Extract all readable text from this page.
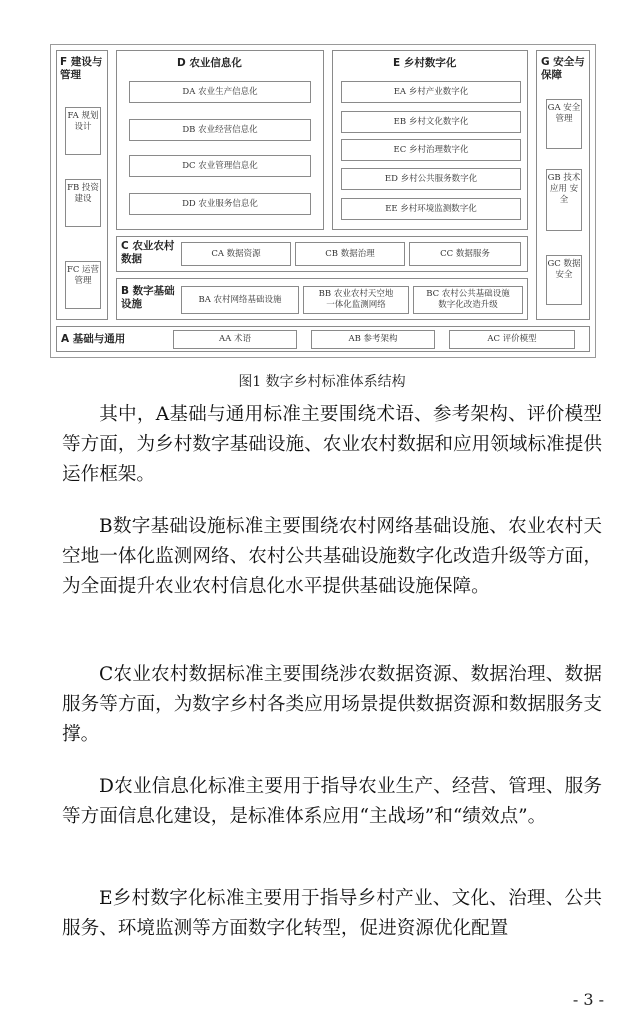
F 建设与管理
FA 规划 设计
FB 投资 建设
FC 运营 管理
D 农业信息化
DA 农业生产信息化
DB 农业经营信息化
DC 农业管理信息化
DD 农业服务信息化
E 乡村数字化
EA 乡村产业数字化
EB 乡村文化数字化
EC 乡村治理数字化
ED 乡村公共服务数字化
EE 乡村环境监测数字化
G 安全与保障
GA 安全 管理
GB 技术 应用 安全
GC 数据 安全
C 农业农村数据	CA 数据资源	CB 数据治理	CC 数据服务
B 数字基础设施	BA 农村网络基础设施
BB 农业农村天空地
一体化监测网络
BC 农村公共基础设施
数字化改造升级
A 基础与通用	AA 术语	AB 参考架构	AC 评价模型
图1 数字乡村标准体系结构
其中，A基础与通用标准主要围绕术语、参考架构、评价模型等方面，为乡村数字基础设施、农业农村数据和应用领域标准提供运作框架。
B数字基础设施标准主要围绕农村网络基础设施、农业农村天空地一体化监测网络、农村公共基础设施数字化改造升级等方面，为全面提升农业农村信息化水平提供基础设施保障。
C农业农村数据标准主要围绕涉农数据资源、数据治理、数据服务等方面，为数字乡村各类应用场景提供数据资源和数据服务支撑。
D农业信息化标准主要用于指导农业生产、经营、管理、服务等方面信息化建设，是标准体系应用“主战场”和“绩效点”。
E乡村数字化标准主要用于指导乡村产业、文化、治理、公共服务、环境监测等方面数字化转型，促进资源优化配置
- 3 -
